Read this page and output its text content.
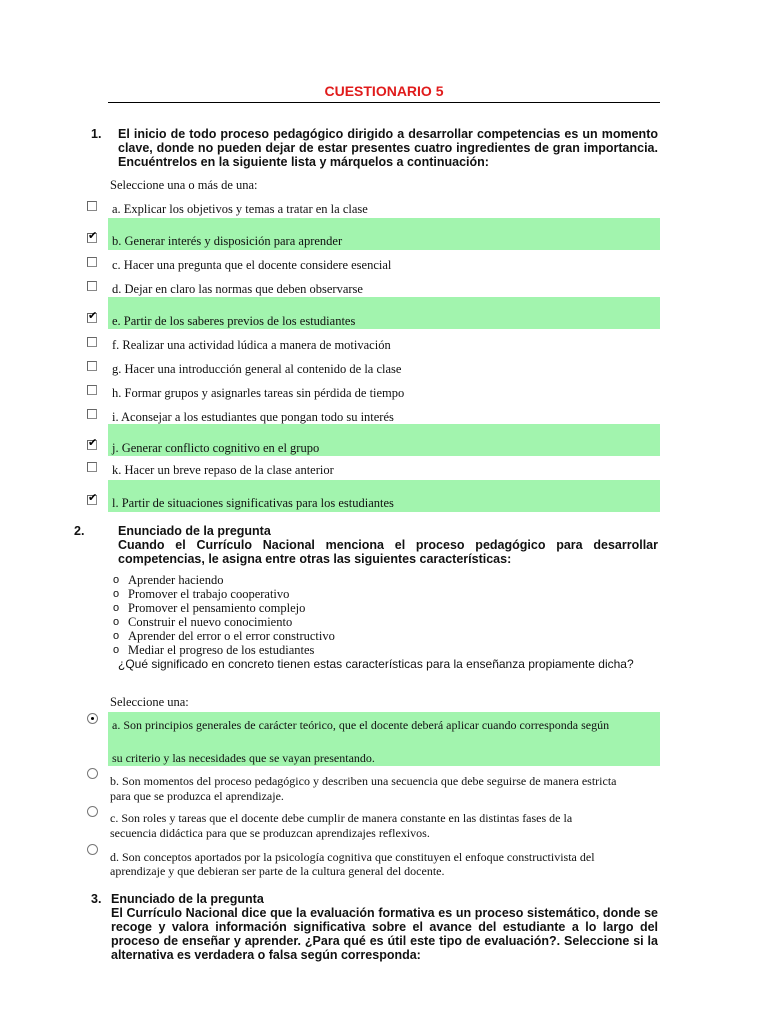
CUESTIONARIO 5
1. El inicio de todo proceso pedagógico dirigido a desarrollar competencias es un momento clave, donde no pueden dejar de estar presentes cuatro ingredientes de gran importancia. Encuéntrelos en la siguiente lista y márquelos a continuación:
Seleccione una o más de una:
a. Explicar los objetivos y temas a tratar en la clase
✔ b. Generar interés y disposición para aprender
c. Hacer una pregunta que el docente considere esencial
d. Dejar en claro las normas que deben observarse
✔ e. Partir de los saberes previos de los estudiantes
f. Realizar una actividad lúdica a manera de motivación
g. Hacer una introducción general al contenido de la clase
h. Formar grupos y asignarles tareas sin pérdida de tiempo
i. Aconsejar a los estudiantes que pongan todo su interés
✔ j. Generar conflicto cognitivo en el grupo
k. Hacer un breve repaso de la clase anterior
✔ l. Partir de situaciones significativas para los estudiantes
2.	Enunciado de la pregunta
Cuando el Currículo Nacional menciona el proceso pedagógico para desarrollar competencias, le asigna entre otras las siguientes características:
o Aprender haciendo
o Promover el trabajo cooperativo
o Promover el pensamiento complejo
o Construir el nuevo conocimiento
o Aprender del error o el error constructivo
o Mediar el progreso de los estudiantes
¿Qué significado en concreto tienen estas características para la enseñanza propiamente dicha?
Seleccione una:
a. Son principios generales de carácter teórico, que el docente deberá aplicar cuando corresponda según
su criterio y las necesidades que se vayan presentando.
b. Son momentos del proceso pedagógico y describen una secuencia que debe seguirse de manera estricta
para que se produzca el aprendizaje.
c. Son roles y tareas que el docente debe cumplir de manera constante en las distintas fases de la
secuencia didáctica para que se produzcan aprendizajes reflexivos.
d. Son conceptos aportados por la psicología cognitiva que constituyen el enfoque constructivista del
aprendizaje y que debieran ser parte de la cultura general del docente.
3. Enunciado de la pregunta
El Currículo Nacional dice que la evaluación formativa es un proceso sistemático, donde se recoge y valora información significativa sobre el avance del estudiante a lo largo del proceso de enseñar y aprender. ¿Para qué es útil este tipo de evaluación?. Seleccione si la alternativa es verdadera o falsa según corresponda:
